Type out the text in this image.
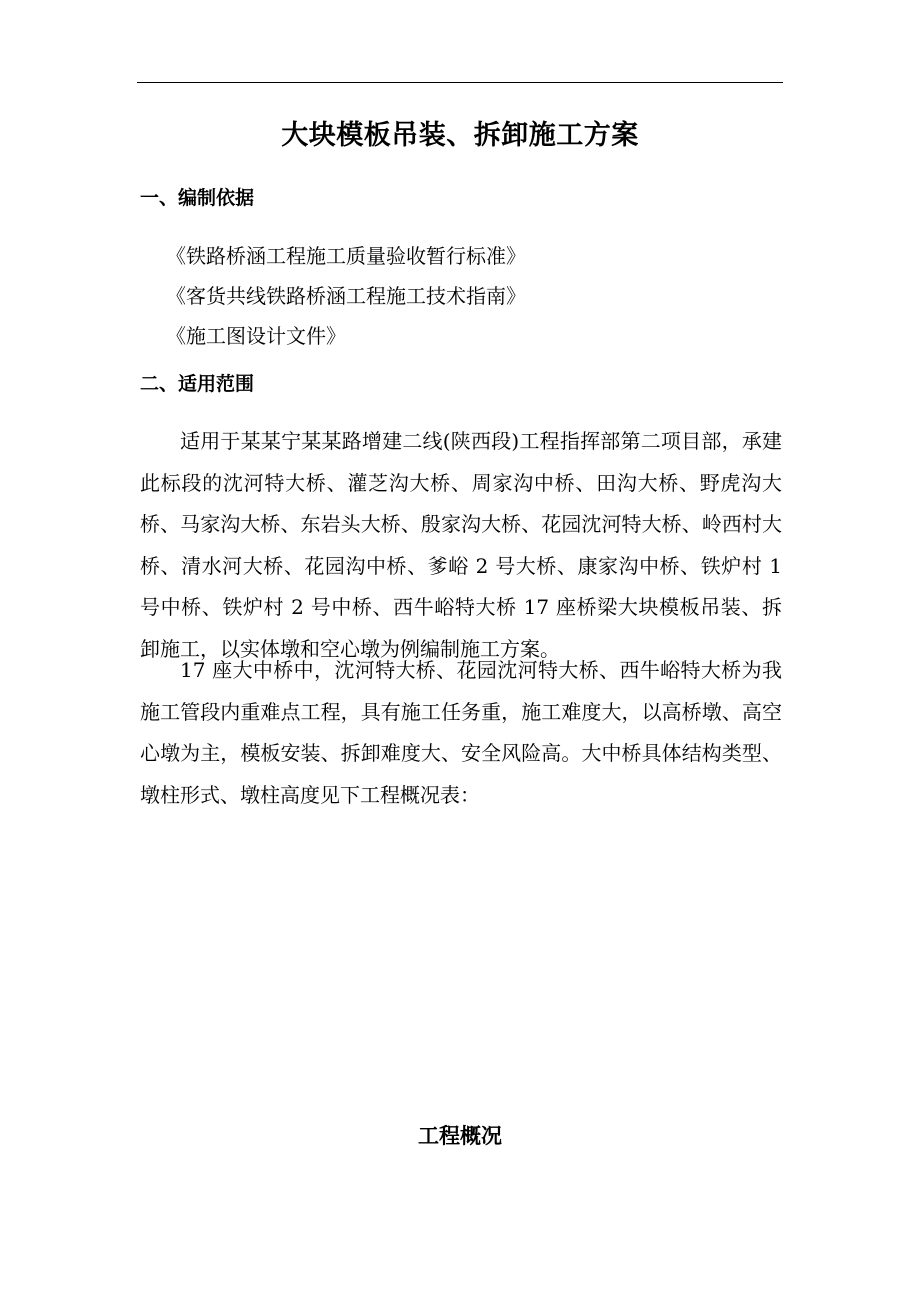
大块模板吊装、拆卸施工方案
一、编制依据
《铁路桥涵工程施工质量验收暂行标准》
《客货共线铁路桥涵工程施工技术指南》
《施工图设计文件》
二、适用范围

适用于某某宁某某路增建二线(陕西段)工程指挥部第二项目部，承建此标段的沈河特大桥、灌芝沟大桥、周家沟中桥、田沟大桥、野虎沟大桥、马家沟大桥、东岩头大桥、殷家沟大桥、花园沈河特大桥、岭西村大桥、清水河大桥、花园沟中桥、爹峪 2 号大桥、康家沟中桥、铁炉村 1 号中桥、铁炉村 2 号中桥、西牛峪特大桥 17 座桥梁大块模板吊装、拆卸施工，以实体墩和空心墩为例编制施工方案。

17 座大中桥中，沈河特大桥、花园沈河特大桥、西牛峪特大桥为我施工管段内重难点工程，具有施工任务重，施工难度大，以高桥墩、高空心墩为主，模板安装、拆卸难度大、安全风险高。大中桥具体结构类型、墩柱形式、墩柱高度见下工程概况表：

工程概况
